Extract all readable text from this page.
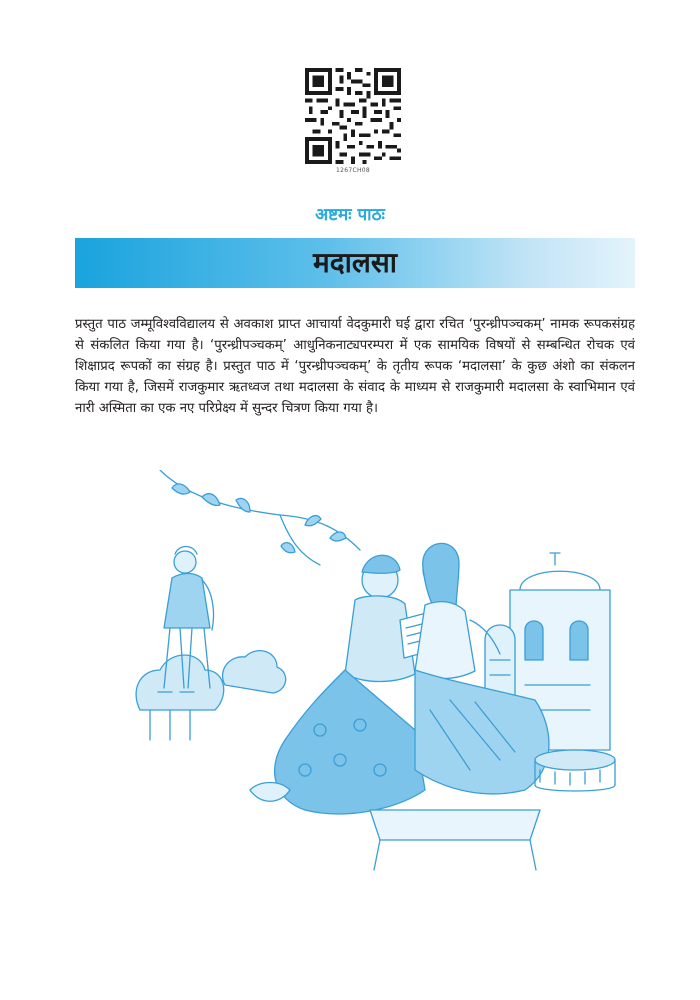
1267CH08
अष्टमः पाठः
मदालसा

प्रस्तुत पाठ जम्मूविश्वविद्यालय से अवकाश प्राप्त आचार्या वेदकुमारी घई द्वारा रचित ‘पुरन्ध्रीपञ्चकम्’ नामक रूपकसंग्रह से संकलित किया गया है। ‘पुरन्ध्रीपञ्चकम्’ आधुनिकनाट्यपरम्परा में एक सामयिक विषयों से सम्बन्धित रोचक एवं शिक्षाप्रद रूपकों का संग्रह है। प्रस्तुत पाठ में ‘पुरन्ध्रीपञ्चकम्’ के तृतीय रूपक ‘मदालसा’ के कुछ अंशो का संकलन किया गया है, जिसमें राजकुमार ऋतध्वज तथा मदालसा के संवाद के माध्यम से राजकुमारी मदालसा के स्वाभिमान एवं नारी अस्मिता का एक नए परिप्रेक्ष्य में सुन्दर चित्रण किया गया है।
